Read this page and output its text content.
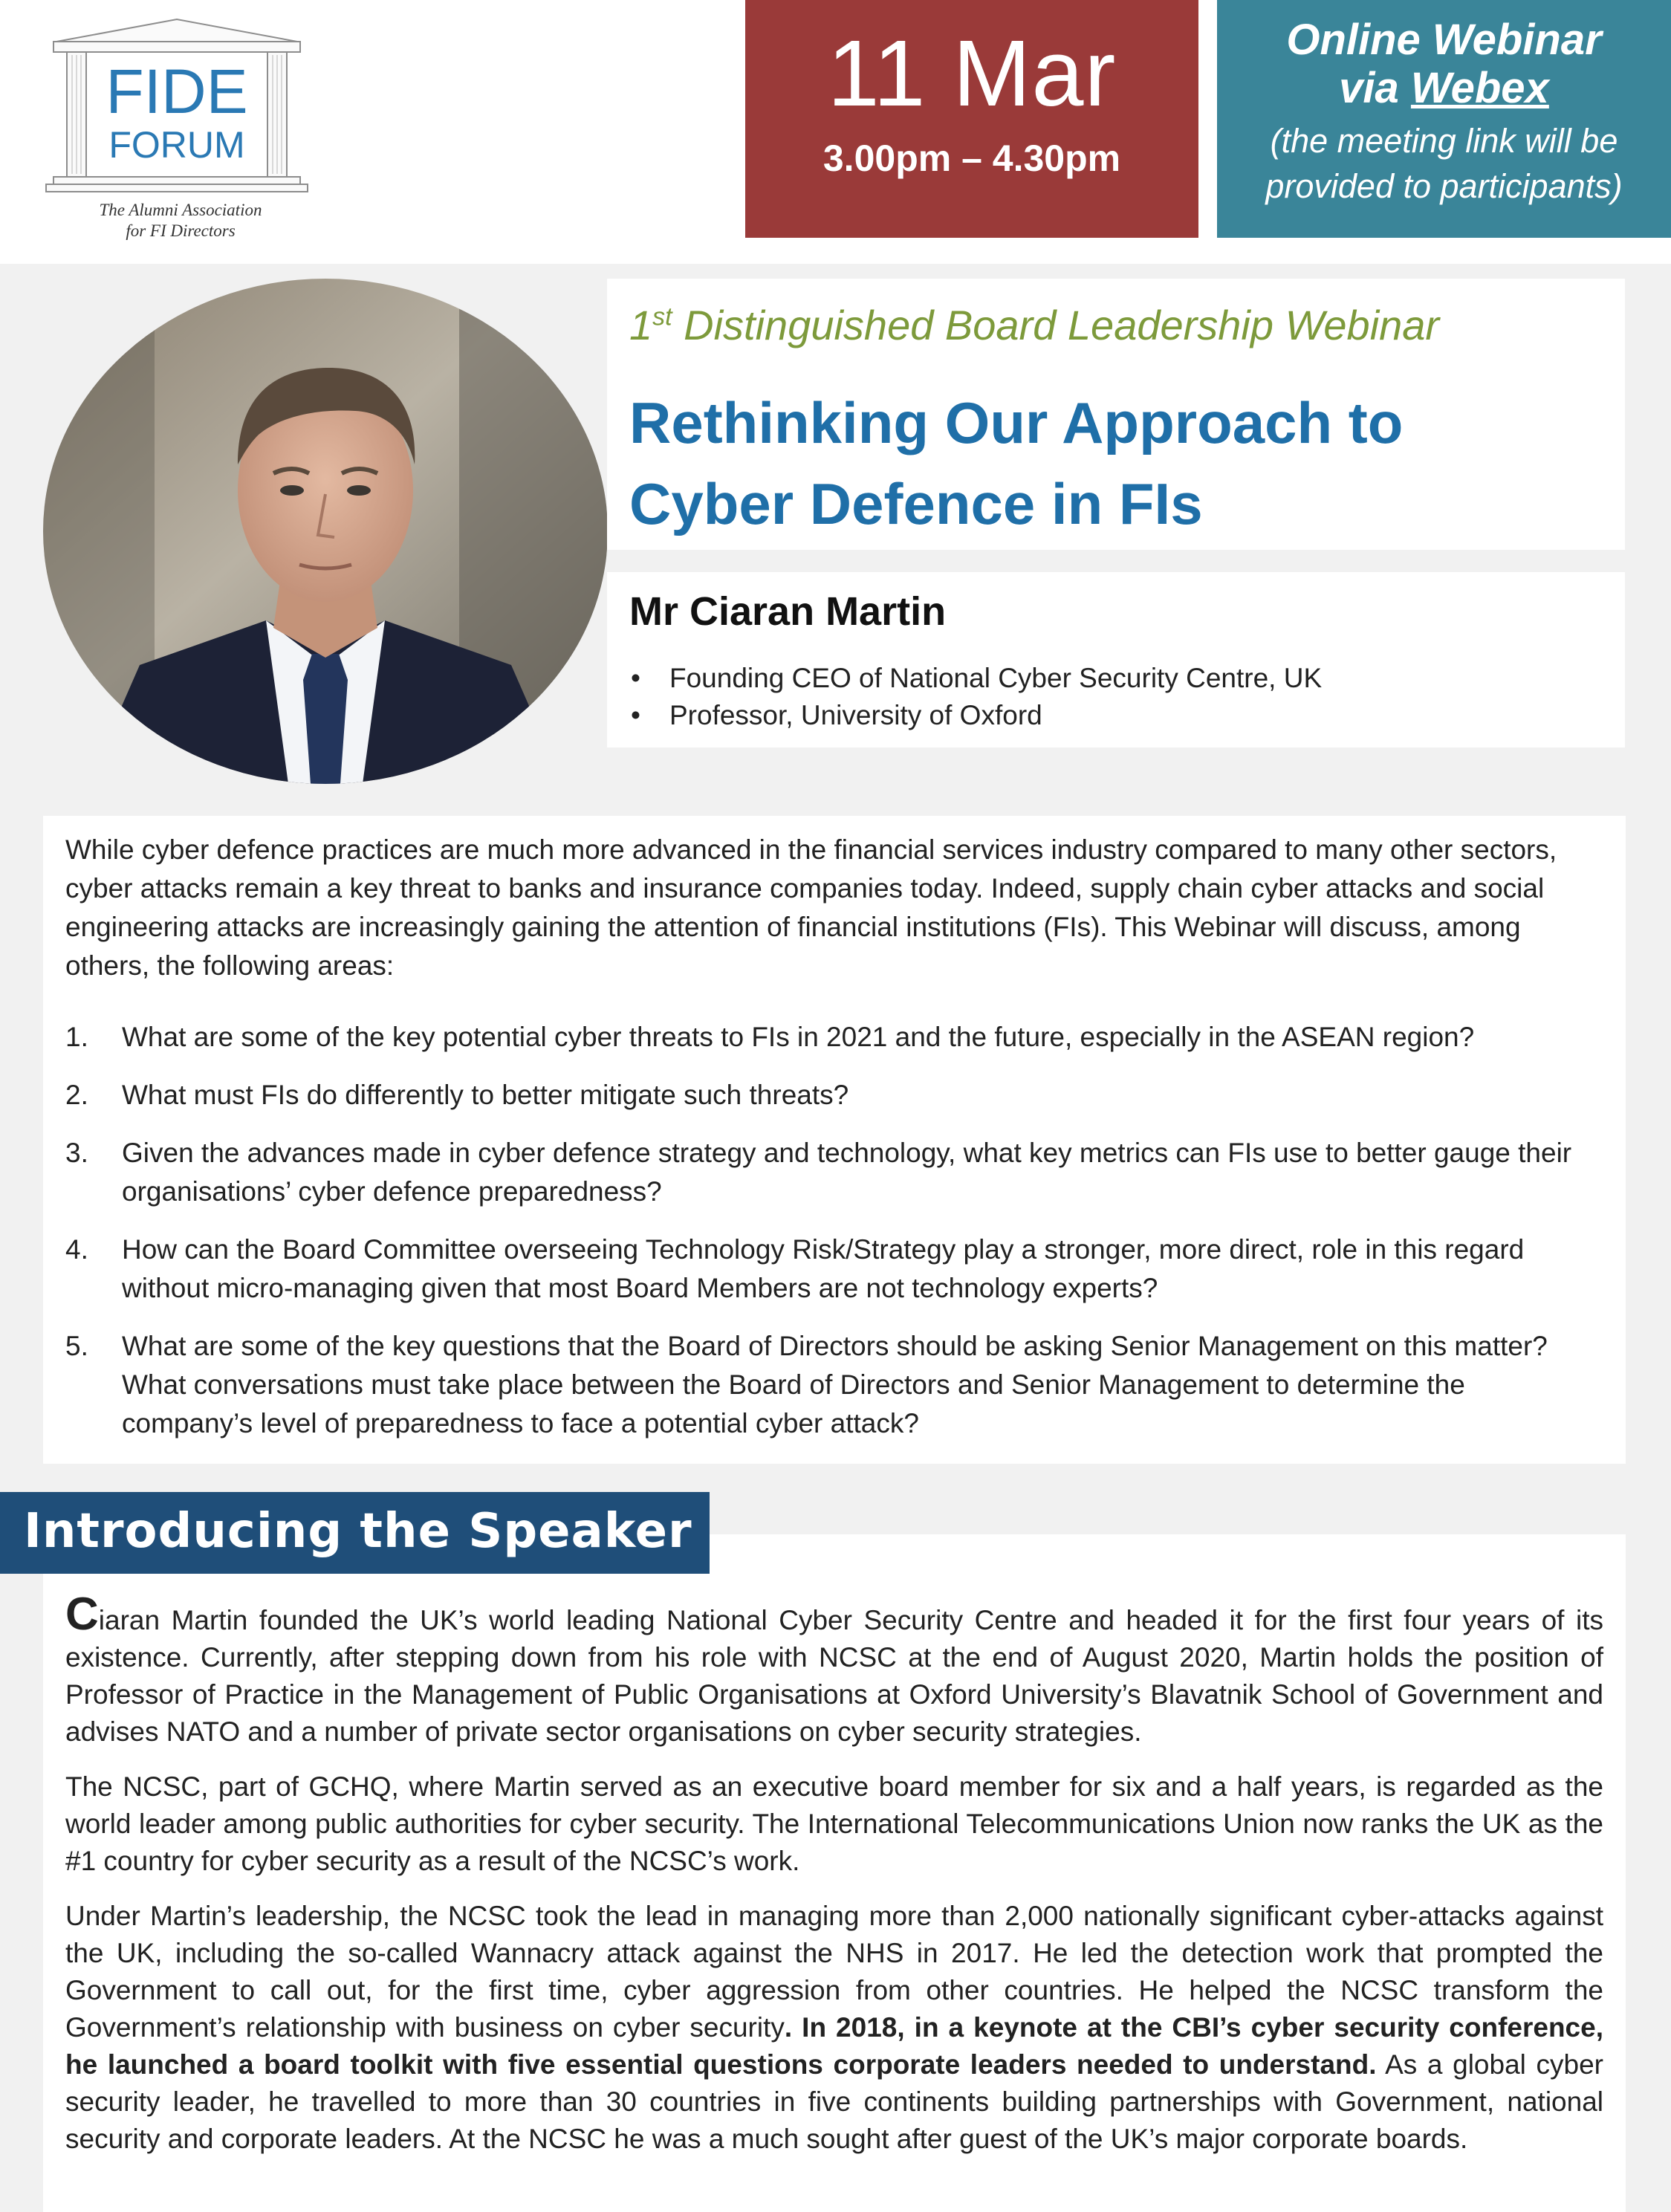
FIDE
FORUM
The Alumni Association
for FI Directors
11 Mar
3.00pm – 4.30pm
Online Webinar
via Webex
(the meeting link will be
provided to participants)
1st Distinguished Board Leadership Webinar
Rethinking Our Approach to
Cyber Defence in FIs
Mr Ciaran Martin
• Founding CEO of National Cyber Security Centre, UK
• Professor, University of Oxford
While cyber defence practices are much more advanced in the financial services industry compared to many other sectors, cyber attacks remain a key threat to banks and insurance companies today. Indeed, supply chain cyber attacks and social engineering attacks are increasingly gaining the attention of financial institutions (FIs). This Webinar will discuss, among others, the following areas:
1. What are some of the key potential cyber threats to FIs in 2021 and the future, especially in the ASEAN region?
2. What must FIs do differently to better mitigate such threats?
3. Given the advances made in cyber defence strategy and technology, what key metrics can FIs use to better gauge their organisations’ cyber defence preparedness?
4. How can the Board Committee overseeing Technology Risk/Strategy play a stronger, more direct, role in this regard without micro-managing given that most Board Members are not technology experts?
5. What are some of the key questions that the Board of Directors should be asking Senior Management on this matter? What conversations must take place between the Board of Directors and Senior Management to determine the company’s level of preparedness to face a potential cyber attack?

Ciaran Martin founded the UK’s world leading National Cyber Security Centre and headed it for the first four years of its existence. Currently, after stepping down from his role with NCSC at the end of August 2020, Martin holds the position of Professor of Practice in the Management of Public Organisations at Oxford University’s Blavatnik School of Government and advises NATO and a number of private sector organisations on cyber security strategies.

The NCSC, part of GCHQ, where Martin served as an executive board member for six and a half years, is regarded as the world leader among public authorities for cyber security. The International Telecommunications Union now ranks the UK as the #1 country for cyber security as a result of the NCSC’s work.

Under Martin’s leadership, the NCSC took the lead in managing more than 2,000 nationally significant cyber-attacks against the UK, including the so-called Wannacry attack against the NHS in 2017. He led the detection work that prompted the Government to call out, for the first time, cyber aggression from other countries. He helped the NCSC transform the Government’s relationship with business on cyber security. In 2018, in a keynote at the CBI’s cyber security conference, he launched a board toolkit with five essential questions corporate leaders needed to understand. As a global cyber security leader, he travelled to more than 30 countries in five continents building partnerships with Government, national security and corporate leaders. At the NCSC he was a much sought after guest of the UK’s major corporate boards.

Introducing the Speaker
